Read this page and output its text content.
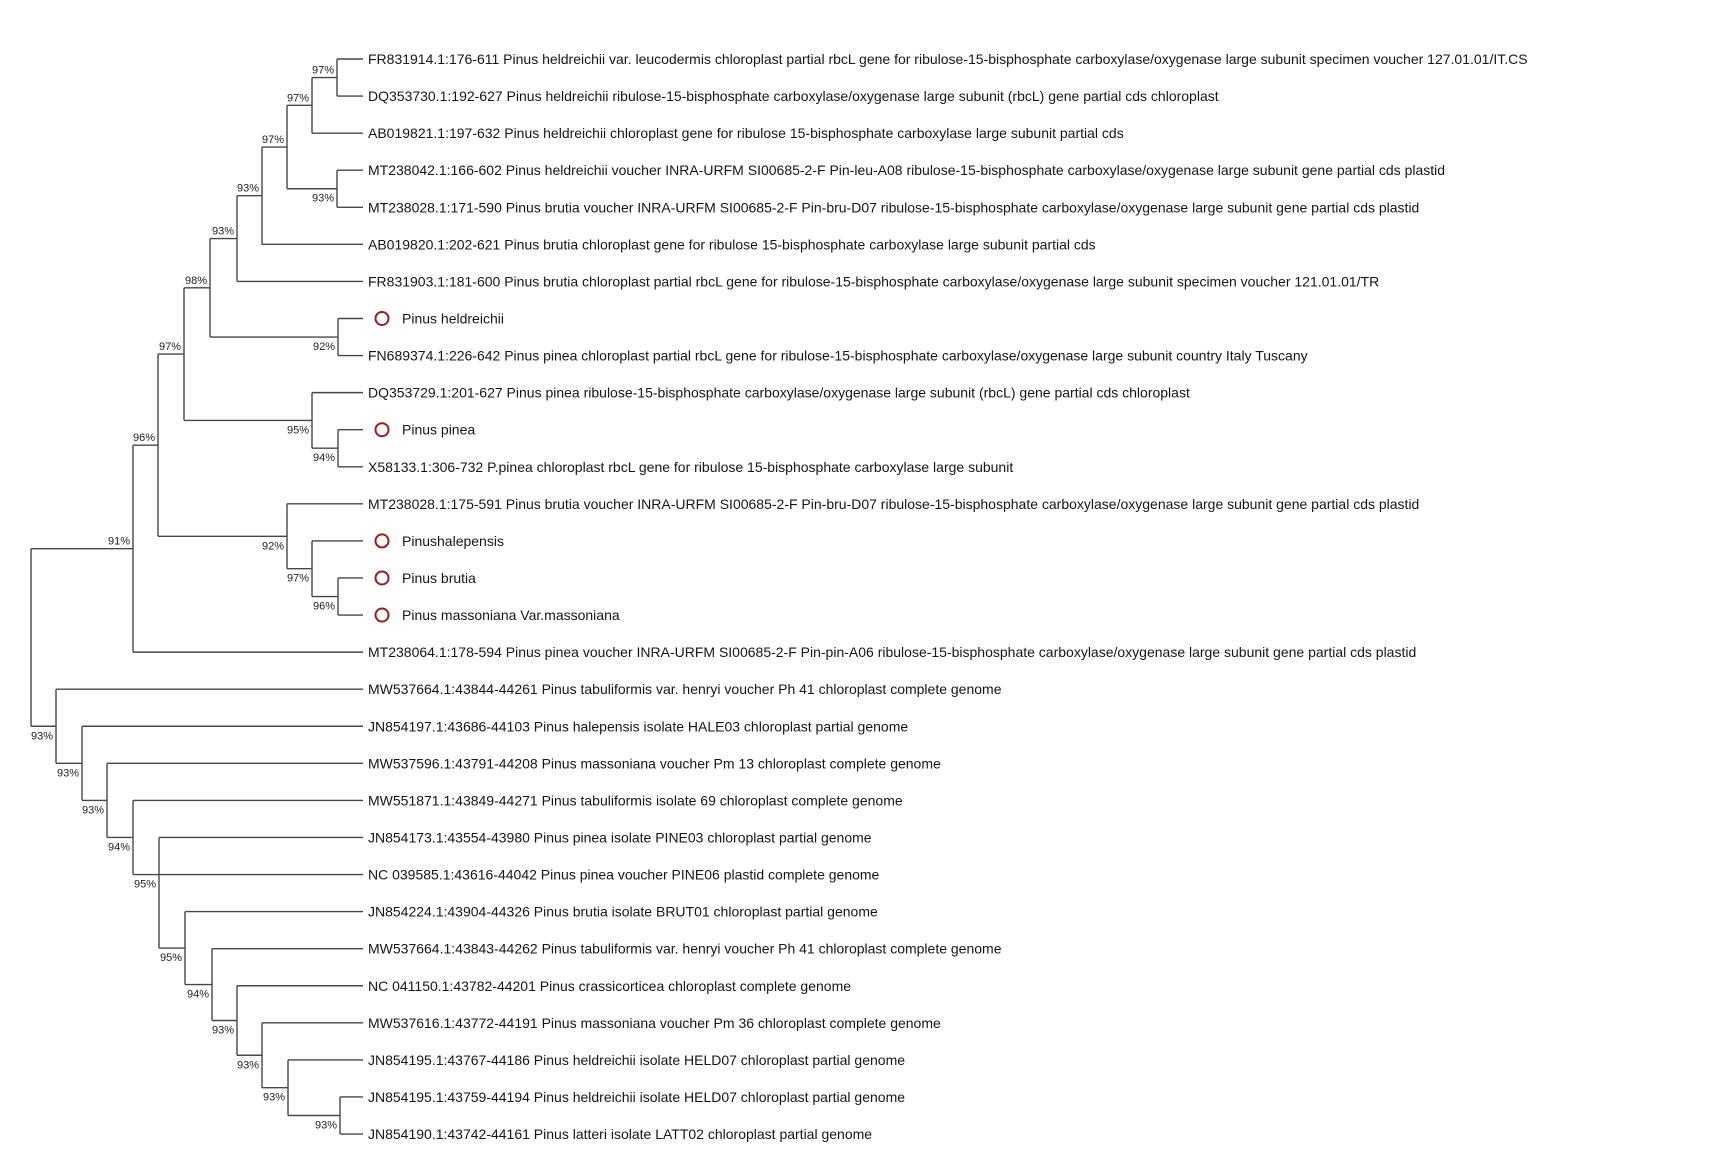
FR831914.1:176-611 Pinus heldreichii var. leucodermis chloroplast partial rbcL gene for ribulose-15-bisphosphate carboxylase/oxygenase large subunit specimen voucher 127.01.01/IT.CS
DQ353730.1:192-627 Pinus heldreichii ribulose-15-bisphosphate carboxylase/oxygenase large subunit (rbcL) gene partial cds chloroplast
97%
AB019821.1:197-632 Pinus heldreichii chloroplast gene for ribulose 15-bisphosphate carboxylase large subunit partial cds
97%
MT238042.1:166-602 Pinus heldreichii voucher INRA-URFM SI00685-2-F Pin-leu-A08 ribulose-15-bisphosphate carboxylase/oxygenase large subunit gene partial cds plastid
MT238028.1:171-590 Pinus brutia voucher INRA-URFM SI00685-2-F Pin-bru-D07 ribulose-15-bisphosphate carboxylase/oxygenase large subunit gene partial cds plastid
93%
97%
AB019820.1:202-621 Pinus brutia chloroplast gene for ribulose 15-bisphosphate carboxylase large subunit partial cds
93%
FR831903.1:181-600 Pinus brutia chloroplast partial rbcL gene for ribulose-15-bisphosphate carboxylase/oxygenase large subunit specimen voucher 121.01.01/TR
93%
Pinus heldreichii
FN689374.1:226-642 Pinus pinea chloroplast partial rbcL gene for ribulose-15-bisphosphate carboxylase/oxygenase large subunit country Italy Tuscany
92%
98%
DQ353729.1:201-627 Pinus pinea ribulose-15-bisphosphate carboxylase/oxygenase large subunit (rbcL) gene partial cds chloroplast
Pinus pinea
X58133.1:306-732 P.pinea chloroplast rbcL gene for ribulose 15-bisphosphate carboxylase large subunit
94%
95%
97%
MT238028.1:175-591 Pinus brutia voucher INRA-URFM SI00685-2-F Pin-bru-D07 ribulose-15-bisphosphate carboxylase/oxygenase large subunit gene partial cds plastid
Pinushalepensis
Pinus brutia
Pinus massoniana Var.massoniana
96%
97%
92%
96%
MT238064.1:178-594 Pinus pinea voucher INRA-URFM SI00685-2-F Pin-pin-A06 ribulose-15-bisphosphate carboxylase/oxygenase large subunit gene partial cds plastid
91%
MW537664.1:43844-44261 Pinus tabuliformis var. henryi voucher Ph 41 chloroplast complete genome
JN854197.1:43686-44103 Pinus halepensis isolate HALE03 chloroplast partial genome
MW537596.1:43791-44208 Pinus massoniana voucher Pm 13 chloroplast complete genome
MW551871.1:43849-44271 Pinus tabuliformis isolate 69 chloroplast complete genome
JN854173.1:43554-43980 Pinus pinea isolate PINE03 chloroplast partial genome
NC 039585.1:43616-44042 Pinus pinea voucher PINE06 plastid complete genome
JN854224.1:43904-44326 Pinus brutia isolate BRUT01 chloroplast partial genome
MW537664.1:43843-44262 Pinus tabuliformis var. henryi voucher Ph 41 chloroplast complete genome
NC 041150.1:43782-44201 Pinus crassicorticea chloroplast complete genome
MW537616.1:43772-44191 Pinus massoniana voucher Pm 36 chloroplast complete genome
JN854195.1:43767-44186 Pinus heldreichii isolate HELD07 chloroplast partial genome
JN854195.1:43759-44194 Pinus heldreichii isolate HELD07 chloroplast partial genome
JN854190.1:43742-44161 Pinus latteri isolate LATT02 chloroplast partial genome
93%
93%
93%
93%
94%
95%
95%
94%
93%
93%
93%
